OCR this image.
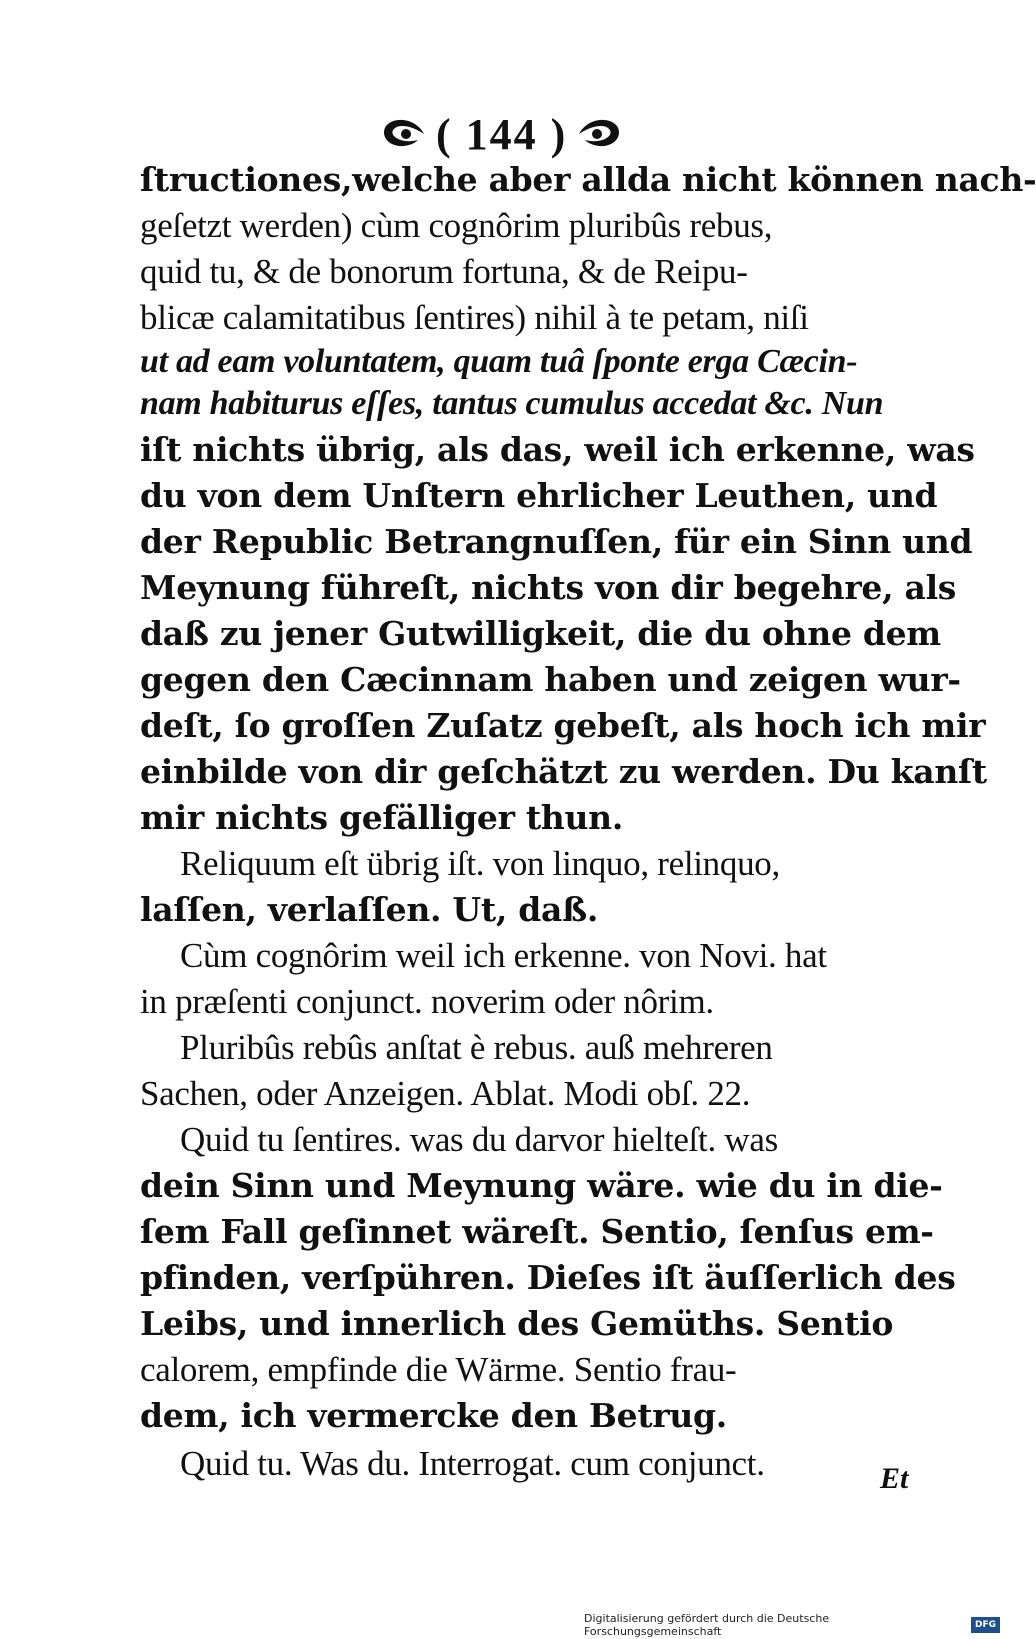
( 144 )
ſtructiones,welche aber allda nicht können nach-
geſetzt werden) cùm cognôrim pluribûs rebus,
quid tu, & de bonorum fortuna, & de Reipu-
blicæ calamitatibus ſentires) nihil à te petam, niſi
ut ad eam voluntatem, quam tuâ ſponte erga Cæcin-
nam habiturus eſſes, tantus cumulus accedat &c. Nun
iſt nichts übrig, als das, weil ich erkenne, was
du von dem Unſtern ehrlicher Leuthen, und
der Republic Betrangnuſſen, für ein Sinn und
Meynung führeſt, nichts von dir begehre, als
daß zu jener Gutwilligkeit, die du ohne dem
gegen den Cæcinnam haben und zeigen wur-
deſt, ſo groſſen Zuſatz gebeſt, als hoch ich mir
einbilde von dir geſchätzt zu werden. Du kanſt
mir nichts gefälliger thun.
Reliquum eſt übrig iſt. von linquo, relinquo,
laſſen, verlaſſen. Ut, daß.
Cùm cognôrim weil ich erkenne. von Novi. hat
in præſenti conjunct. noverim oder nôrim.
Pluribûs rebûs anſtat è rebus. auß mehreren
Sachen, oder Anzeigen. Ablat. Modi obſ. 22.
Quid tu ſentires. was du darvor hielteſt. was
dein Sinn und Meynung wäre. wie du in die-
ſem Fall geſinnet wäreſt. Sentio, ſenſus em-
pfinden, verſpühren. Dieſes iſt äuſſerlich des
Leibs, und innerlich des Gemüths. Sentio
calorem, empfinde die Wärme. Sentio frau-
dem, ich vermercke den Betrug.
Quid tu. Was du. Interrogat. cum conjunct.	Et
Digitalisierung gefördert durch die Deutsche Forschungsgemeinschaft	DFG
